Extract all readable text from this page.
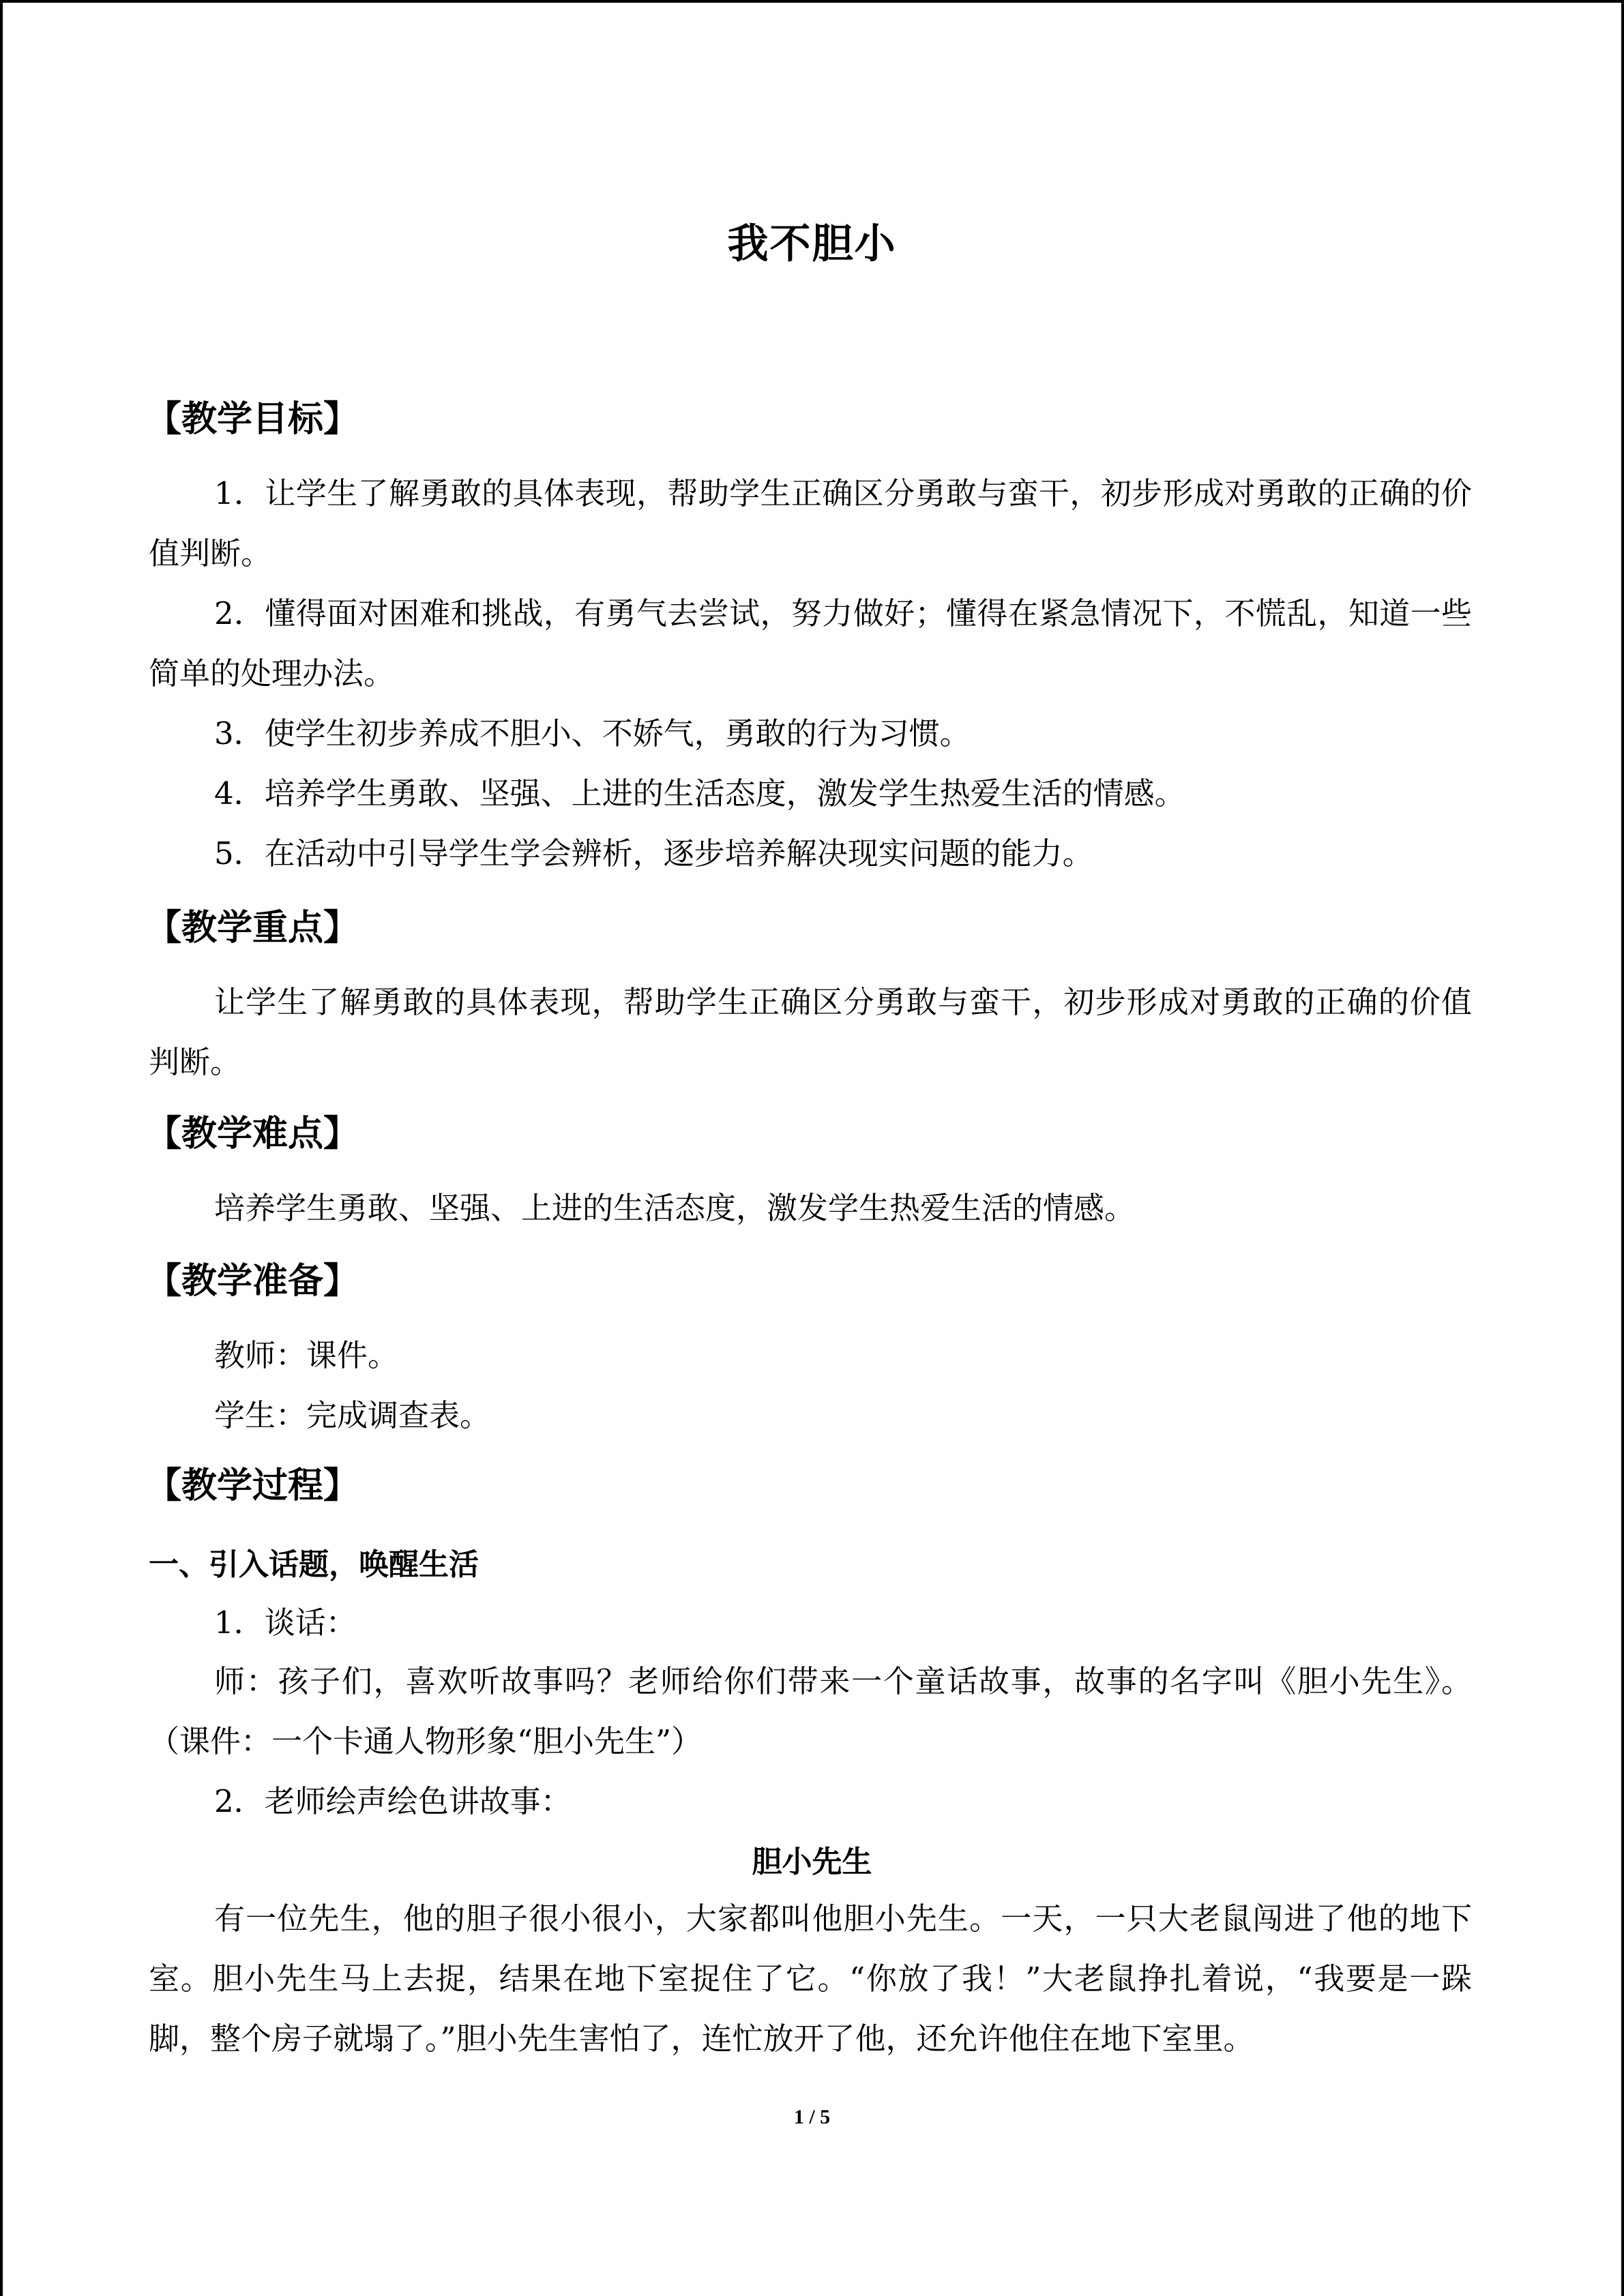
我不胆小
【教学目标】
1．让学生了解勇敢的具体表现，帮助学生正确区分勇敢与蛮干，初步形成对勇敢的正确的价值判断。
2．懂得面对困难和挑战，有勇气去尝试，努力做好；懂得在紧急情况下，不慌乱，知道一些简单的处理办法。
3．使学生初步养成不胆小、不娇气，勇敢的行为习惯。
4．培养学生勇敢、坚强、上进的生活态度，激发学生热爱生活的情感。
5．在活动中引导学生学会辨析，逐步培养解决现实问题的能力。
【教学重点】
让学生了解勇敢的具体表现，帮助学生正确区分勇敢与蛮干，初步形成对勇敢的正确的价值判断。
【教学难点】
培养学生勇敢、坚强、上进的生活态度，激发学生热爱生活的情感。
【教学准备】
教师：课件。
学生：完成调查表。
【教学过程】
一、引入话题，唤醒生活
1．谈话：
师：孩子们，喜欢听故事吗？老师给你们带来一个童话故事，故事的名字叫《胆小先生》。（课件：一个卡通人物形象“胆小先生”）
2．老师绘声绘色讲故事：
胆小先生
有一位先生，他的胆子很小很小，大家都叫他胆小先生。一天，一只大老鼠闯进了他的地下室。胆小先生马上去捉，结果在地下室捉住了它。“你放了我！”大老鼠挣扎着说，“我要是一跺脚，整个房子就塌了。”胆小先生害怕了，连忙放开了他，还允许他住在地下室里。
1 / 5
